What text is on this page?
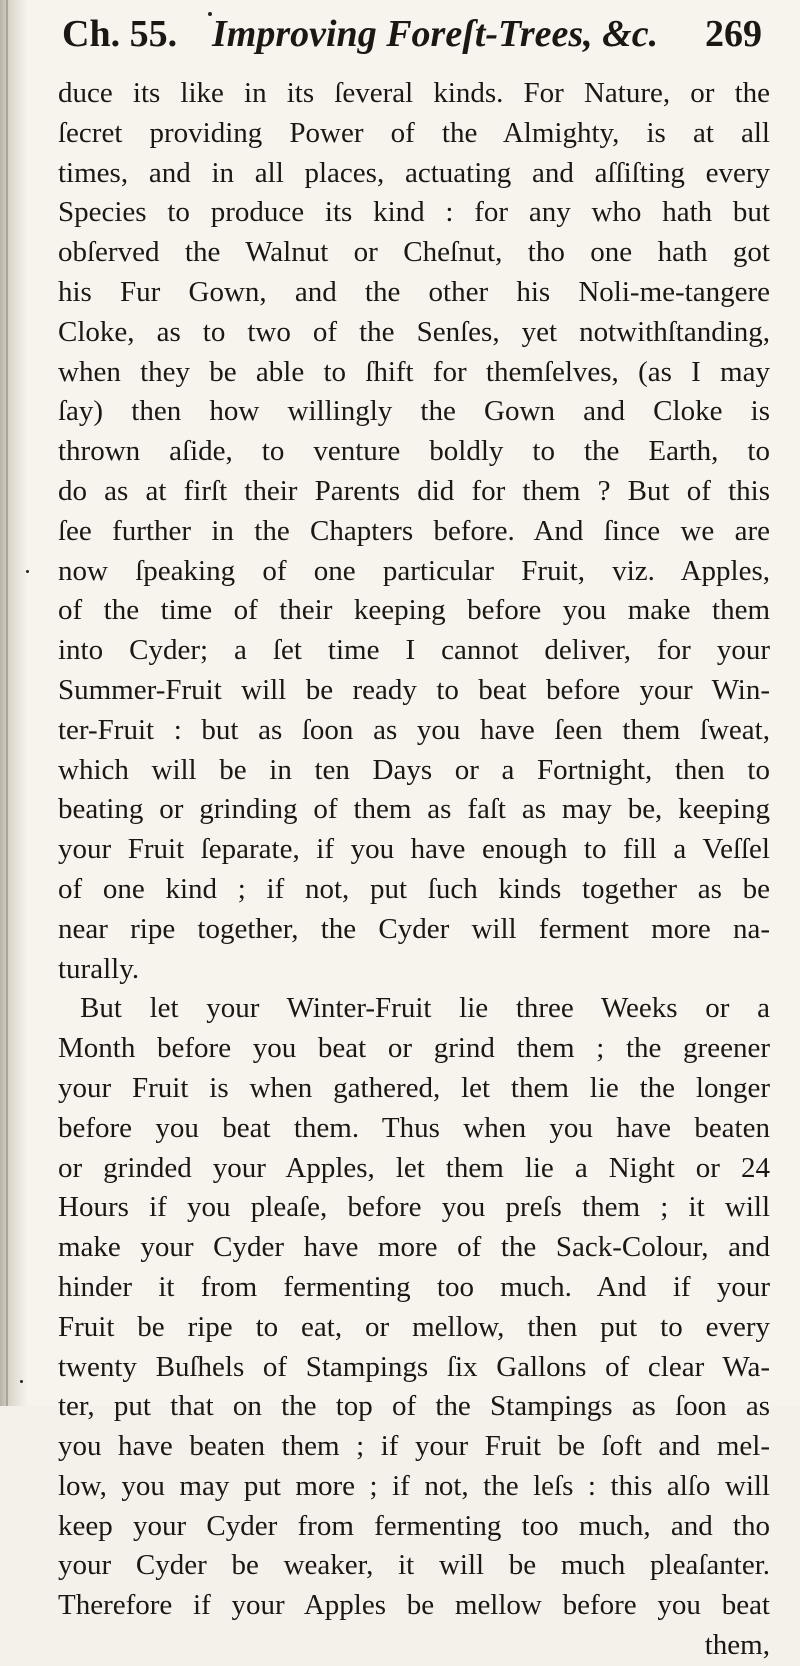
Ch. 55. Improving Foreſt-Trees, &c. 269
duce its like in its ſeveral kinds. For Nature, or the
ſecret providing Power of the Almighty, is at all
times, and in all places, actuating and aſſiſting every
Species to produce its kind : for any who hath but
obſerved the Walnut or Cheſnut, tho one hath got
his Fur Gown, and the other his Noli-me-tangere
Cloke, as to two of the Senſes, yet notwithſtanding,
when they be able to ſhift for themſelves, (as I may
ſay) then how willingly the Gown and Cloke is
thrown aſide, to venture boldly to the Earth, to
do as at firſt their Parents did for them ? But of this
ſee further in the Chapters before. And ſince we are
now ſpeaking of one particular Fruit, viz. Apples,
of the time of their keeping before you make them
into Cyder; a ſet time I cannot deliver, for your
Summer-Fruit will be ready to beat before your Win-
ter-Fruit : but as ſoon as you have ſeen them ſweat,
which will be in ten Days or a Fortnight, then to
beating or grinding of them as faſt as may be, keeping
your Fruit ſeparate, if you have enough to fill a Veſſel
of one kind ; if not, put ſuch kinds together as be
near ripe together, the Cyder will ferment more na-
turally.
But let your Winter-Fruit lie three Weeks or a
Month before you beat or grind them ; the greener
your Fruit is when gathered, let them lie the longer
before you beat them. Thus when you have beaten
or grinded your Apples, let them lie a Night or 24
Hours if you pleaſe, before you preſs them ; it will
make your Cyder have more of the Sack-Colour, and
hinder it from fermenting too much. And if your
Fruit be ripe to eat, or mellow, then put to every
twenty Buſhels of Stampings ſix Gallons of clear Wa-
ter, put that on the top of the Stampings as ſoon as
you have beaten them ; if your Fruit be ſoft and mel-
low, you may put more ; if not, the leſs : this alſo will
keep your Cyder from fermenting too much, and tho
your Cyder be weaker, it will be much pleaſanter.
Therefore if your Apples be mellow before you beat
them,
